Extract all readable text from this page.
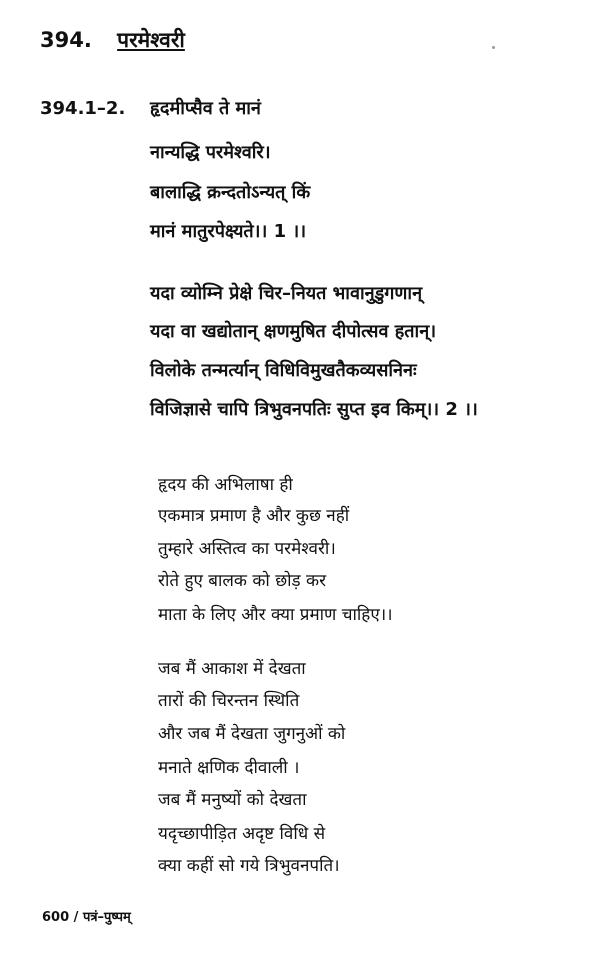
394. परमेश्वरी
394.1–2. हृदमीप्सैव ते मानं
नान्यद्धि परमेश्वरि।
बालाद्धि क्रन्दतोऽन्यत् किं
मानं मातुरपेक्ष्यते।। 1 ।।
यदा व्योम्नि प्रेक्षे चिर–नियत भावानुडुगणान्
यदा वा खद्योतान् क्षणमुषित दीपोत्सव हतान्।
विलोके तन्मर्त्यान् विधिविमुखतैकव्यसनिनः
विजिज्ञासे चापि त्रिभुवनपतिः सुप्त इव किम्।। 2 ।।
हृदय की अभिलाषा ही
एकमात्र प्रमाण है और कुछ नहीं
तुम्हारे अस्तित्व का परमेश्वरी।
रोते हुए बालक को छोड़ कर
माता के लिए और क्या प्रमाण चाहिए।।
जब मैं आकाश में देखता
तारों की चिरन्तन स्थिति
और जब मैं देखता जुगनुओं को
मनाते क्षणिक दीवाली ।
जब मैं मनुष्यों को देखता
यदृच्छापीड़ित अदृष्ट विधि से
क्या कहीं सो गये त्रिभुवनपति।
600 / पत्रं–पुष्पम्
